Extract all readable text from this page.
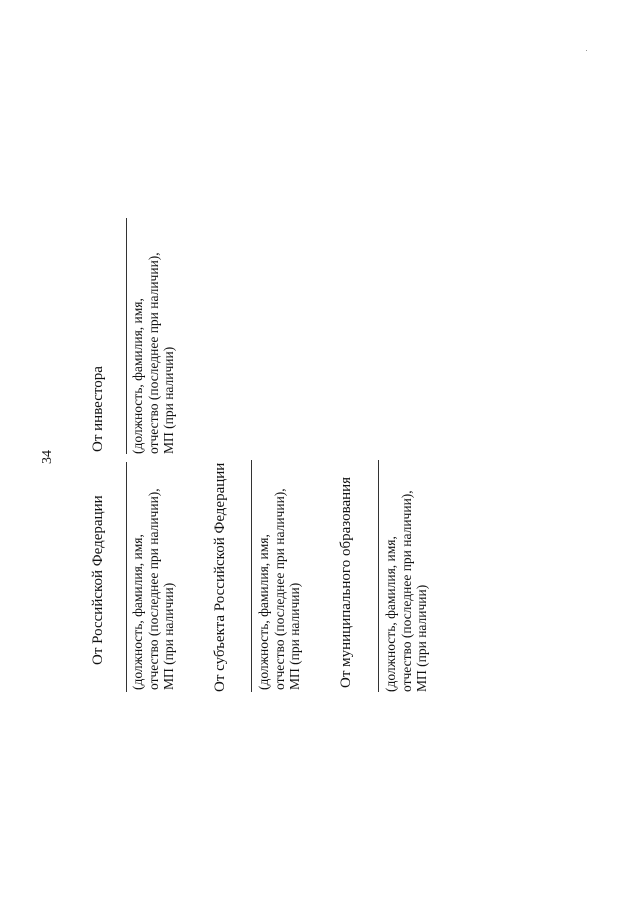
34
От Российской Федерации (должность, фамилия, имя, отчество (последнее при наличии), МП (при наличии) От субъекта Российской Федерации (должность, фамилия, имя, отчество (последнее при наличии), МП (при наличии) От муниципального образования (должность, фамилия, имя, отчество (последнее при наличии), МП (при наличии)
От инвестора (должность, фамилия, имя, отчество (последнее при наличии), МП (при наличии)
